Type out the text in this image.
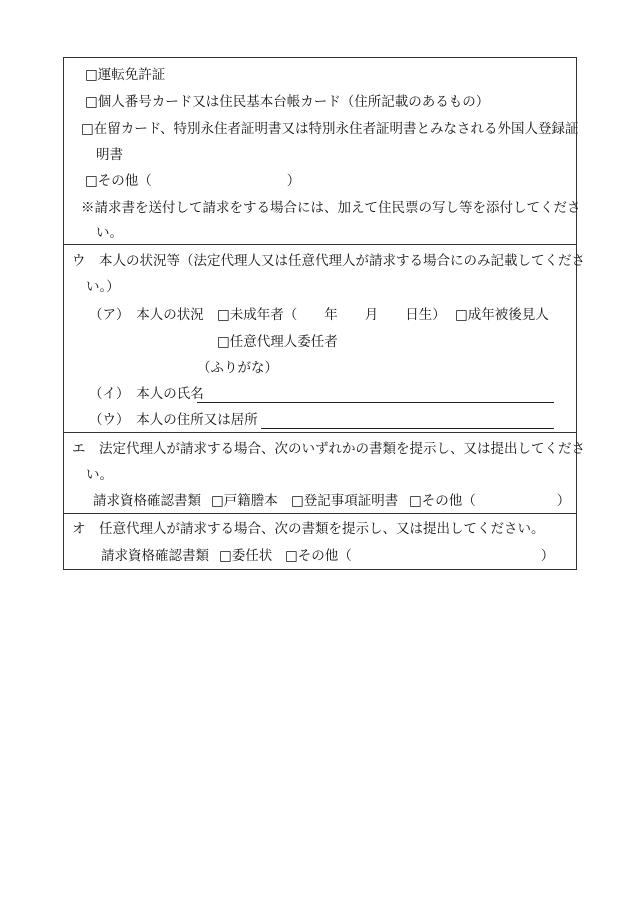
□運転免許証
□個人番号カード又は住民基本台帳カード（住所記載のあるもの）
□在留カード、特別永住者証明書又は特別永住者証明書とみなされる外国人登録証
明書
□その他（　　　　　　　　　　）
※請求書を送付して請求をする場合には、加えて住民票の写し等を添付してくださ
い。
ウ　本人の状況等（法定代理人又は任意代理人が請求する場合にのみ記載してくださ
い。）
（ア）　本人の状況 □未成年者（　　年　　月　　日生） □成年被後見人
□任意代理人委任者
（ふりがな）
（イ）　本人の氏名
（ウ）　本人の住所又は居所
エ　法定代理人が請求する場合、次のいずれかの書類を提示し、又は提出してくださ
い。
請求資格確認書類 □戸籍謄本 □登記事項証明書 □その他（　　　　　　）
オ　任意代理人が請求する場合、次の書類を提示し、又は提出してください。
請求資格確認書類 □委任状 □その他（　　　　　　　　　　　　　　）
